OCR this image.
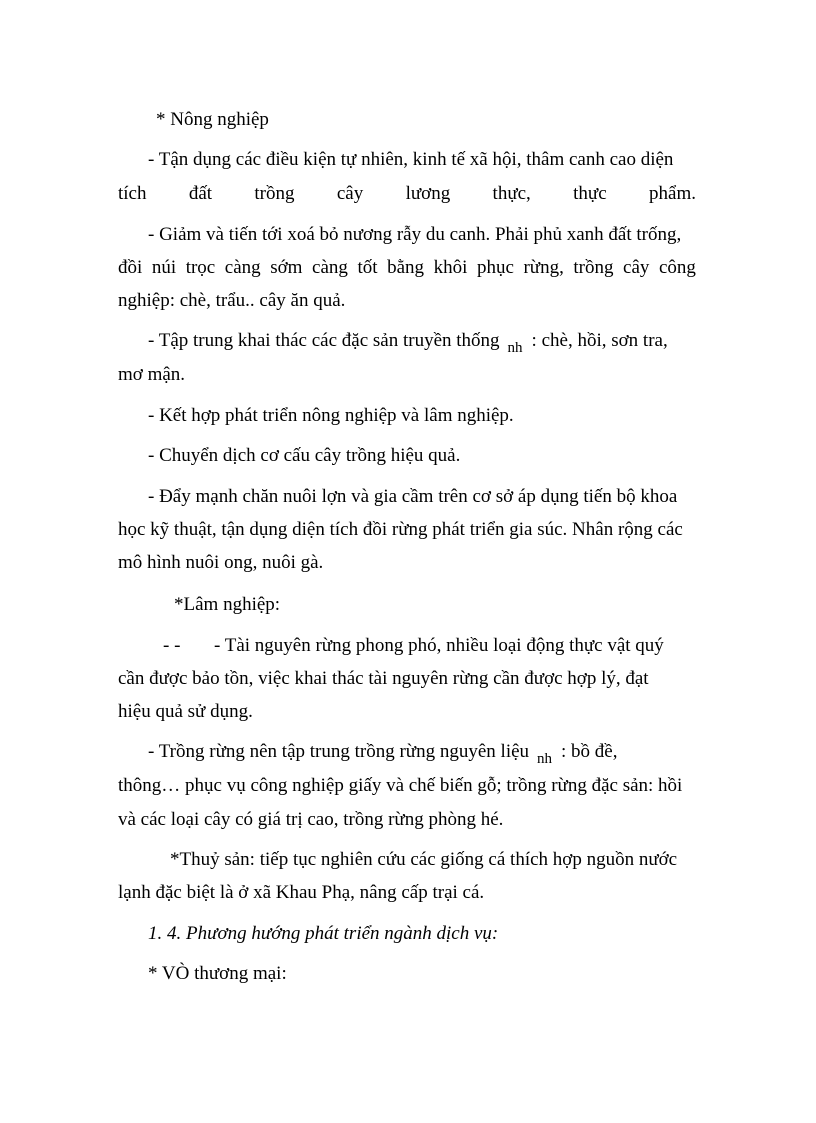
* Nông nghiệp
- Tận dụng các điều kiện tự nhiên, kinh tế xã hội, thâm canh cao diện
tích đất trồng cây lương thực, thực phẩm.
- Giảm và tiến tới xoá bỏ nương rẫy du canh. Phải phủ xanh đất trống,
đồi núi trọc càng sớm càng tốt bằng khôi phục rừng, trồng cây công
nghiệp: chè, trẩu.. cây ăn quả.
- Tập trung khai thác các đặc sản truyền thống $_{nh}$ : chè, hồi, sơn tra,
mơ mận.
- Kết hợp phát triển nông nghiệp và lâm nghiệp.
- Chuyển dịch cơ cấu cây trồng hiệu quả.
- Đẩy mạnh chăn nuôi lợn và gia cầm trên cơ sở áp dụng tiến bộ khoa
học kỹ thuật, tận dụng diện tích đồi rừng phát triển gia súc. Nhân rộng các
mô hình nuôi ong, nuôi gà.
*Lâm nghiệp:
- - - Tài nguyên rừng phong phó, nhiều loại động thực vật quý
cần được bảo tồn, việc khai thác tài nguyên rừng cần được hợp lý, đạt
hiệu quả sử dụng.
- Trồng rừng nên tập trung trồng rừng nguyên liệu $_{nh}$ : bồ đề,
thông… phục vụ công nghiệp giấy và chế biến gỗ; trồng rừng đặc sản: hồi
và các loại cây có giá trị cao, trồng rừng phòng hé.
*Thuỷ sản: tiếp tục nghiên cứu các giống cá thích hợp nguồn nước
lạnh đặc biệt là ở xã Khau Phạ, nâng cấp trại cá.
1. 4. Phương hướng phát triển ngành dịch vụ:
* VÒ thương mại:
